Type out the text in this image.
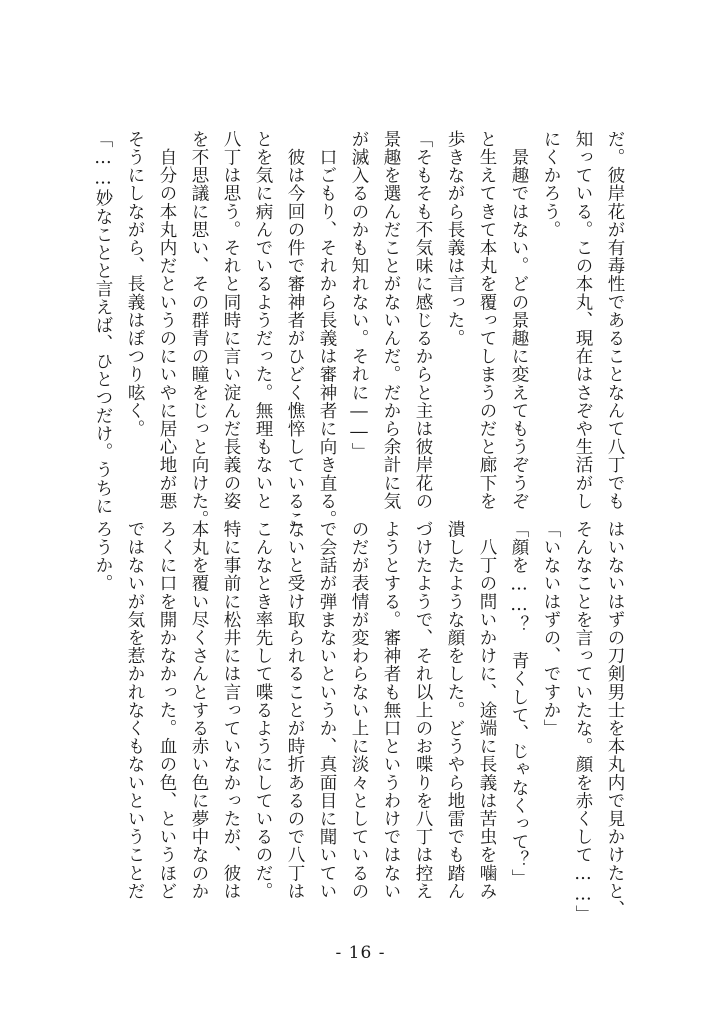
だ。彼岸花が有毒性であることなんて八丁でも

知っている。この本丸、現在はさぞや生活がし

にくかろう。

　景趣ではない。どの景趣に変えてもうぞうぞ

と生えてきて本丸を覆ってしまうのだと廊下を

歩きながら長義は言った。

「そもそも不気味に感じるからと主は彼岸花の

景趣を選んだことがないんだ。だから余計に気

が滅入るのかも知れない。それに――」

　口ごもり、それから長義は審神者に向き直る。

　彼は今回の件で審神者がひどく憔悴しているこ

とを気に病んでいるようだった。無理もないと

八丁は思う。それと同時に言い淀んだ長義の姿

を不思議に思い、その群青の瞳をじっと向けた。

　自分の本丸内だというのにいやに居心地が悪

そうにしながら、長義はぽつり呟く。

「……妙なことと言えば、ひとつだけ。うちに

はいないはずの刀剣男士を本丸内で見かけたと、

そんなことを言っていたな。顔を赤くして……」

「いないはずの、ですか」

「顔を……？　青くして、じゃなくって？」

　八丁の問いかけに、途端に長義は苦虫を噛み

潰したような顔をした。どうやら地雷でも踏ん

づけたようで、それ以上のお喋りを八丁は控え

ようとする。審神者も無口というわけではない

のだが表情が変わらない上に淡々としているの

で会話が弾まないというか、真面目に聞いてい

ないと受け取られることが時折あるので八丁は

こんなとき率先して喋るようにしているのだ。

特に事前に松井には言っていなかったが、彼は

本丸を覆い尽くさんとする赤い色に夢中なのか

ろくに口を開かなかった。血の色、というほど

ではないが気を惹かれなくもないということだ

ろうか。

- 16 -
